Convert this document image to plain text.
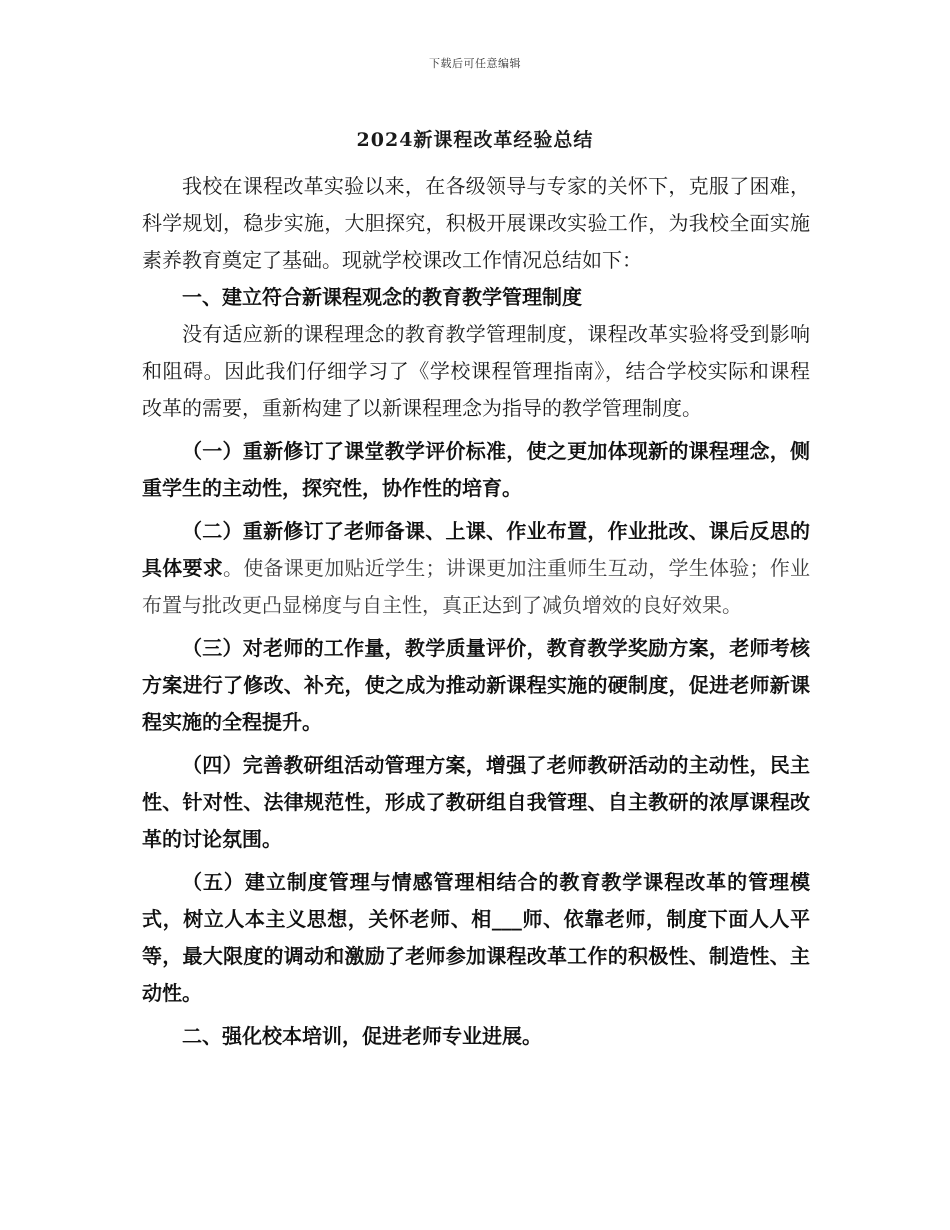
下载后可任意编辑
2024新课程改革经验总结

我校在课程改革实验以来，在各级领导与专家的关怀下，克服了困难，科学规划，稳步实施，大胆探究，积极开展课改实验工作，为我校全面实施素养教育奠定了基础。现就学校课改工作情况总结如下：

一、建立符合新课程观念的教育教学管理制度

没有适应新的课程理念的教育教学管理制度，课程改革实验将受到影响和阻碍。因此我们仔细学习了《学校课程管理指南》，结合学校实际和课程改革的需要，重新构建了以新课程理念为指导的教学管理制度。

（一）重新修订了课堂教学评价标准，使之更加体现新的课程理念，侧重学生的主动性，探究性，协作性的培育。

（二）重新修订了老师备课、上课、作业布置，作业批改、课后反思的具体要求。使备课更加贴近学生；讲课更加注重师生互动，学生体验；作业布置与批改更凸显梯度与自主性，真正达到了减负增效的良好效果。

（三）对老师的工作量，教学质量评价，教育教学奖励方案，老师考核方案进行了修改、补充，使之成为推动新课程实施的硬制度，促进老师新课程实施的全程提升。

（四）完善教研组活动管理方案，增强了老师教研活动的主动性，民主性、针对性、法律规范性，形成了教研组自我管理、自主教研的浓厚课程改革的讨论氛围。

（五）建立制度管理与情感管理相结合的教育教学课程改革的管理模式，树立人本主义思想，关怀老师、相___师、依靠老师，制度下面人人平等，最大限度的调动和激励了老师参加课程改革工作的积极性、制造性、主动性。

二、强化校本培训，促进老师专业进展。
